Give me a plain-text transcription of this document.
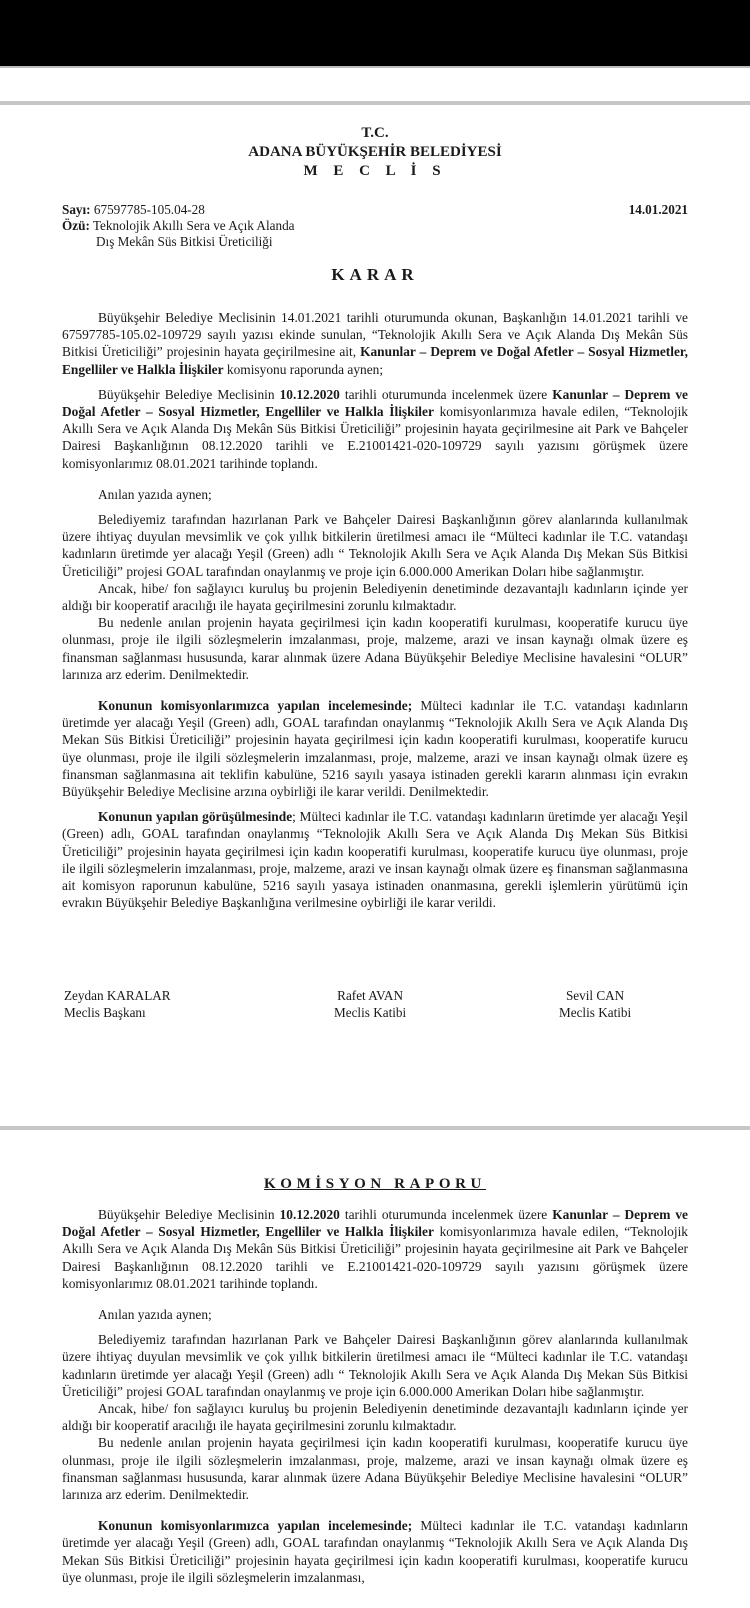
T.C.
ADANA BÜYÜKŞEHİR BELEDİYESİ
M E C L İ S
Sayı: 67597785-105.04-28	14.01.2021
Özü: Teknolojik Akıllı Sera ve Açık Alanda
Dış Mekân Süs Bitkisi Üreticiliği
KARAR

Büyükşehir Belediye Meclisinin 14.01.2021 tarihli oturumunda okunan, Başkanlığın 14.01.2021 tarihli ve 67597785-105.02-109729 sayılı yazısı ekinde sunulan, “Teknolojik Akıllı Sera ve Açık Alanda Dış Mekân Süs Bitkisi Üreticiliği” projesinin hayata geçirilmesine ait, Kanunlar – Deprem ve Doğal Afetler – Sosyal Hizmetler, Engelliler ve Halkla İlişkiler komisyonu raporunda aynen;

Büyükşehir Belediye Meclisinin 10.12.2020 tarihli oturumunda incelenmek üzere Kanunlar – Deprem ve Doğal Afetler – Sosyal Hizmetler, Engelliler ve Halkla İlişkiler komisyonlarımıza havale edilen, “Teknolojik Akıllı Sera ve Açık Alanda Dış Mekân Süs Bitkisi Üreticiliği” projesinin hayata geçirilmesine ait Park ve Bahçeler Dairesi Başkanlığının 08.12.2020 tarihli ve E.21001421-020-109729 sayılı yazısını görüşmek üzere komisyonlarımız 08.01.2021 tarihinde toplandı.

Anılan yazıda aynen;

Belediyemiz tarafından hazırlanan Park ve Bahçeler Dairesi Başkanlığının görev alanlarında kullanılmak üzere ihtiyaç duyulan mevsimlik ve çok yıllık bitkilerin üretilmesi amacı ile “Mülteci kadınlar ile T.C. vatandaşı kadınların üretimde yer alacağı Yeşil (Green) adlı “ Teknolojik Akıllı Sera ve Açık Alanda Dış Mekan Süs Bitkisi Üreticiliği” projesi GOAL tarafından onaylanmış ve proje için 6.000.000 Amerikan Doları hibe sağlanmıştır.

Ancak, hibe/ fon sağlayıcı kuruluş bu projenin Belediyenin denetiminde dezavantajlı kadınların içinde yer aldığı bir kooperatif aracılığı ile hayata geçirilmesini zorunlu kılmaktadır.

Bu nedenle anılan projenin hayata geçirilmesi için kadın kooperatifi kurulması, kooperatife kurucu üye olunması, proje ile ilgili sözleşmelerin imzalanması, proje, malzeme, arazi ve insan kaynağı olmak üzere eş finansman sağlanması hususunda, karar alınmak üzere Adana Büyükşehir Belediye Meclisine havalesini “OLUR” larınıza arz ederim. Denilmektedir.

Konunun komisyonlarımızca yapılan incelemesinde; Mülteci kadınlar ile T.C. vatandaşı kadınların üretimde yer alacağı Yeşil (Green) adlı, GOAL tarafından onaylanmış “Teknolojik Akıllı Sera ve Açık Alanda Dış Mekan Süs Bitkisi Üreticiliği” projesinin hayata geçirilmesi için kadın kooperatifi kurulması, kooperatife kurucu üye olunması, proje ile ilgili sözleşmelerin imzalanması, proje, malzeme, arazi ve insan kaynağı olmak üzere eş finansman sağlanmasına ait teklifin kabulüne, 5216 sayılı yasaya istinaden gerekli kararın alınması için evrakın Büyükşehir Belediye Meclisine arzına oybirliği ile karar verildi. Denilmektedir.

Konunun yapılan görüşülmesinde; Mülteci kadınlar ile T.C. vatandaşı kadınların üretimde yer alacağı Yeşil (Green) adlı, GOAL tarafından onaylanmış “Teknolojik Akıllı Sera ve Açık Alanda Dış Mekan Süs Bitkisi Üreticiliği” projesinin hayata geçirilmesi için kadın kooperatifi kurulması, kooperatife kurucu üye olunması, proje ile ilgili sözleşmelerin imzalanması, proje, malzeme, arazi ve insan kaynağı olmak üzere eş finansman sağlanmasına ait komisyon raporunun kabulüne, 5216 sayılı yasaya istinaden onanmasına, gerekli işlemlerin yürütümü için evrakın Büyükşehir Belediye Başkanlığına verilmesine oybirliği ile karar verildi.

Zeydan KARALAR
Meclis Başkanı
Rafet AVAN
Meclis Katibi
Sevil CAN
Meclis Katibi
KOMİSYON RAPORU

Büyükşehir Belediye Meclisinin 10.12.2020 tarihli oturumunda incelenmek üzere Kanunlar – Deprem ve Doğal Afetler – Sosyal Hizmetler, Engelliler ve Halkla İlişkiler komisyonlarımıza havale edilen, “Teknolojik Akıllı Sera ve Açık Alanda Dış Mekân Süs Bitkisi Üreticiliği” projesinin hayata geçirilmesine ait Park ve Bahçeler Dairesi Başkanlığının 08.12.2020 tarihli ve E.21001421-020-109729 sayılı yazısını görüşmek üzere komisyonlarımız 08.01.2021 tarihinde toplandı.

Anılan yazıda aynen;

Belediyemiz tarafından hazırlanan Park ve Bahçeler Dairesi Başkanlığının görev alanlarında kullanılmak üzere ihtiyaç duyulan mevsimlik ve çok yıllık bitkilerin üretilmesi amacı ile “Mülteci kadınlar ile T.C. vatandaşı kadınların üretimde yer alacağı Yeşil (Green) adlı “ Teknolojik Akıllı Sera ve Açık Alanda Dış Mekan Süs Bitkisi Üreticiliği” projesi GOAL tarafından onaylanmış ve proje için 6.000.000 Amerikan Doları hibe sağlanmıştır.

Ancak, hibe/ fon sağlayıcı kuruluş bu projenin Belediyenin denetiminde dezavantajlı kadınların içinde yer aldığı bir kooperatif aracılığı ile hayata geçirilmesini zorunlu kılmaktadır.

Bu nedenle anılan projenin hayata geçirilmesi için kadın kooperatifi kurulması, kooperatife kurucu üye olunması, proje ile ilgili sözleşmelerin imzalanması, proje, malzeme, arazi ve insan kaynağı olmak üzere eş finansman sağlanması hususunda, karar alınmak üzere Adana Büyükşehir Belediye Meclisine havalesini “OLUR” larınıza arz ederim. Denilmektedir.

Konunun komisyonlarımızca yapılan incelemesinde; Mülteci kadınlar ile T.C. vatandaşı kadınların üretimde yer alacağı Yeşil (Green) adlı, GOAL tarafından onaylanmış “Teknolojik Akıllı Sera ve Açık Alanda Dış Mekan Süs Bitkisi Üreticiliği” projesinin hayata geçirilmesi için kadın kooperatifi kurulması, kooperatife kurucu üye olunması, proje ile ilgili sözleşmelerin imzalanması,
